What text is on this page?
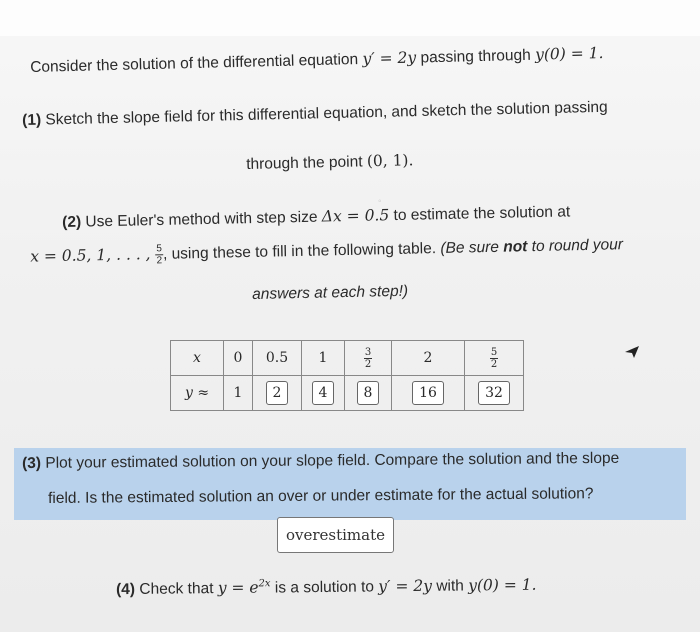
Consider the solution of the differential equation y′ = 2y passing through y(0) = 1.
(1) Sketch the slope field for this differential equation, and sketch the solution passing
through the point (0, 1).
◦
(2) Use Euler's method with step size Δx = 0.5 to estimate the solution at
x = 0.5, 1, . . . , $\frac{5}{2}$ , using these to fill in the following table. (Be sure not to round your
answers at each step!)
x	0	0.5	1	$\frac{3}{2}$	2	$\frac{5}{2}$

y ≈	1	2	4	8	16	32
(3) Plot your estimated solution on your slope field. Compare the solution and the slope
field. Is the estimated solution an over or under estimate for the actual solution?
overestimate
(4) Check that $y = e^{2x}$ is a solution to y′ = 2y with y(0) = 1.
